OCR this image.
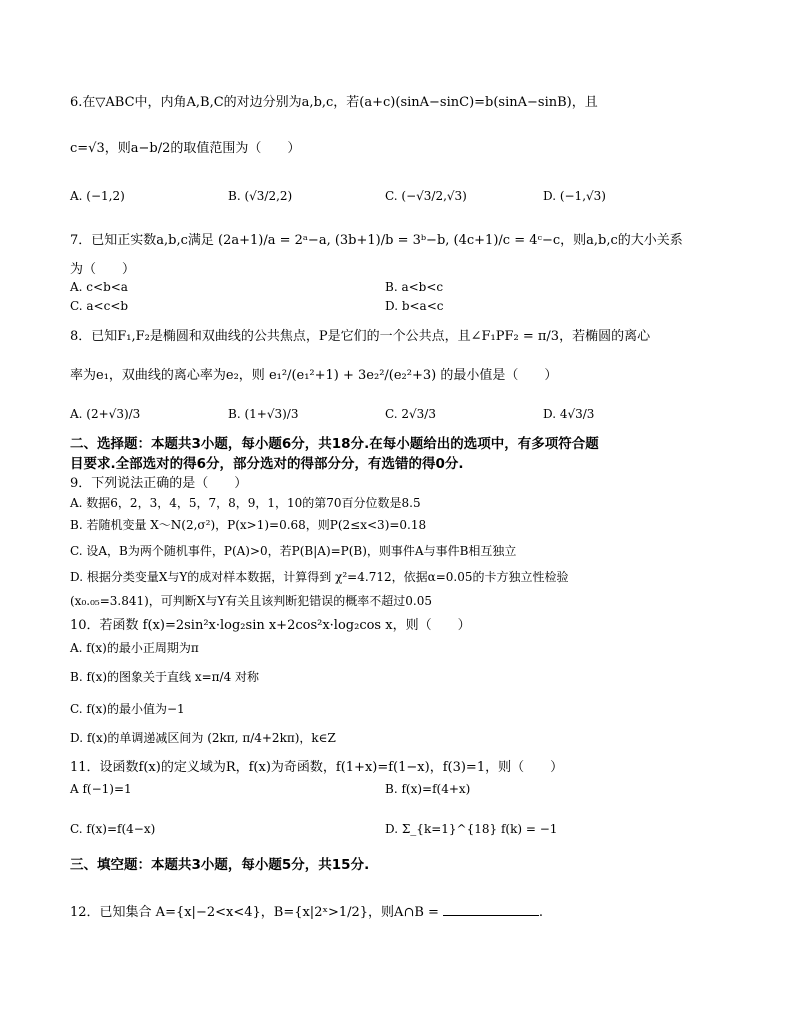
6.在▽ABC中，内角A,B,C的对边分别为a,b,c，若(a+c)(sinA−sinC)=b(sinA−sinB)，且
c=√3，则a−b/2的取值范围为（　　）
A. (−1,2)	B. (√3/2,2)	C. (−√3/2,√3)	D. (−1,√3)
7．已知正实数a,b,c满足 (2a+1)/a = 2ᵃ−a, (3b+1)/b = 3ᵇ−b, (4c+1)/c = 4ᶜ−c，则a,b,c的大小关系
为（　　）
A. c<b<a	B. a<b<c
C. a<c<b	D. b<a<c
8．已知F₁,F₂是椭圆和双曲线的公共焦点，P是它们的一个公共点，且∠F₁PF₂ = π/3，若椭圆的离心
率为e₁，双曲线的离心率为e₂，则 e₁²/(e₁²+1) + 3e₂²/(e₂²+3) 的最小值是（　　）
A. (2+√3)/3	B. (1+√3)/3	C. 2√3/3	D. 4√3/3
二、选择题：本题共3小题，每小题6分，共18分.在每小题给出的选项中，有多项符合题
目要求.全部选对的得6分，部分选对的得部分分，有选错的得0分.
9．下列说法正确的是（　　）
A. 数据6，2，3，4，5，7，8，9，1，10的第70百分位数是8.5
B. 若随机变量 X～N(2,σ²)，P(x>1)=0.68，则P(2≤x<3)=0.18
C. 设A，B为两个随机事件，P(A)>0，若P(B|A)=P(B)，则事件A与事件B相互独立
D. 根据分类变量X与Y的成对样本数据，计算得到 χ²=4.712，依据α=0.05的卡方独立性检验
(x₀.₀₅=3.841)，可判断X与Y有关且该判断犯错误的概率不超过0.05
10．若函数 f(x)=2sin²x·log₂sin x+2cos²x·log₂cos x，则（　　）
A. f(x)的最小正周期为π
B. f(x)的图象关于直线 x=π/4 对称
C. f(x)的最小值为−1
D. f(x)的单调递减区间为 (2kπ, π/4+2kπ)，k∈Z
11．设函数f(x)的定义域为R，f(x)为奇函数，f(1+x)=f(1−x)，f(3)=1，则（　　）
A f(−1)=1	B. f(x)=f(4+x)
C. f(x)=f(4−x)	D. Σ_{k=1}^{18} f(k) = −1
三、填空题：本题共3小题，每小题5分，共15分.
12．已知集合 A={x|−2<x<4}，B={x|2ˣ>1/2}，则A∩B =	.
